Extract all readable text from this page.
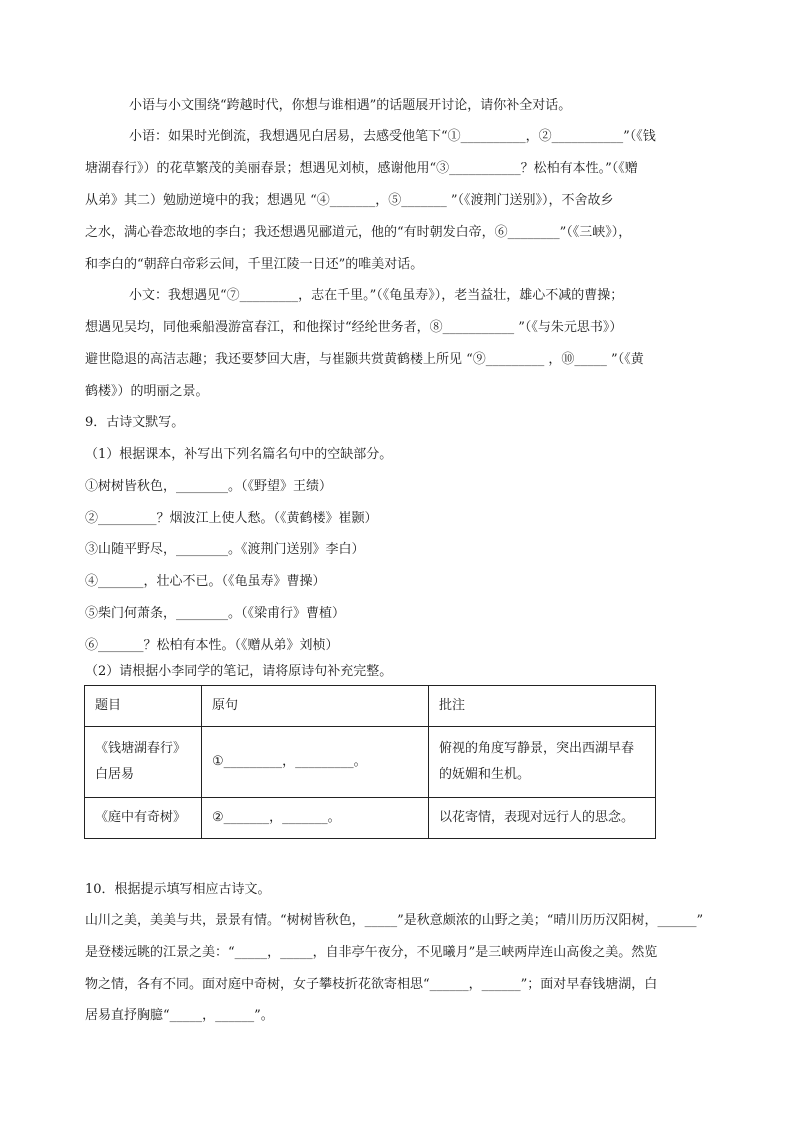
小语与小文围绕“跨越时代，你想与谁相遇”的话题展开讨论，请你补全对话。
小语：如果时光倒流，我想遇见白居易，去感受他笔下“①__________，②___________”（《钱
塘湖春行》）的花草繁茂的美丽春景；想遇见刘桢，感谢他用“③___________？松柏有本性。”（《赠
从弟》其二）勉励逆境中的我；想遇见 “④_______，⑤_______ ”（《渡荆门送别》），不舍故乡
之水，满心眷恋故地的李白；我还想遇见郦道元，他的“有时朝发白帝，⑥________”（《三峡》），
和李白的“朝辞白帝彩云间，千里江陵一日还”的唯美对话。
小文：我想遇见“⑦_________，志在千里。”（《龟虽寿》），老当益壮，雄心不减的曹操；
想遇见吴均，同他乘船漫游富春江，和他探讨“经纶世务者，⑧___________ ”（《与朱元思书》）
避世隐退的高洁志趣；我还要梦回大唐，与崔颢共赏黄鹤楼上所见 “⑨_________ ，⑩_____ ”（《黄
鹤楼》）的明丽之景。
9．古诗文默写。
（1）根据课本，补写出下列名篇名句中的空缺部分。
①树树皆秋色，________。（《野望》王绩）
②_________？烟波江上使人愁。（《黄鹤楼》崔颢）
③山随平野尽，________。《渡荆门送别》李白）
④_______，壮心不已。（《龟虽寿》曹操）
⑤柴门何萧条，________。（《梁甫行》曹植）
⑥_______？松柏有本性。（《赠从弟》刘桢）
（2）请根据小李同学的笔记，请将原诗句补充完整。
题目	原句	批注

《钱塘湖春行》
白居易	①_________，_________。	俯视的角度写静景，突出西湖早春
的妩媚和生机。

《庭中有奇树》	②_______，_______。	以花寄情，表现对远行人的思念。
10．根据提示填写相应古诗文。
山川之美，美美与共，景景有情。“树树皆秋色，_____”是秋意颇浓的山野之美；“晴川历历汉阳树，______”
是登楼远眺的江景之美：“_____，_____，自非亭午夜分，不见曦月”是三峡两岸连山高俊之美。然览
物之情，各有不同。面对庭中奇树，女子攀枝折花欲寄相思“______，______”；面对早春钱塘湖，白
居易直抒胸臆“_____，______”。
